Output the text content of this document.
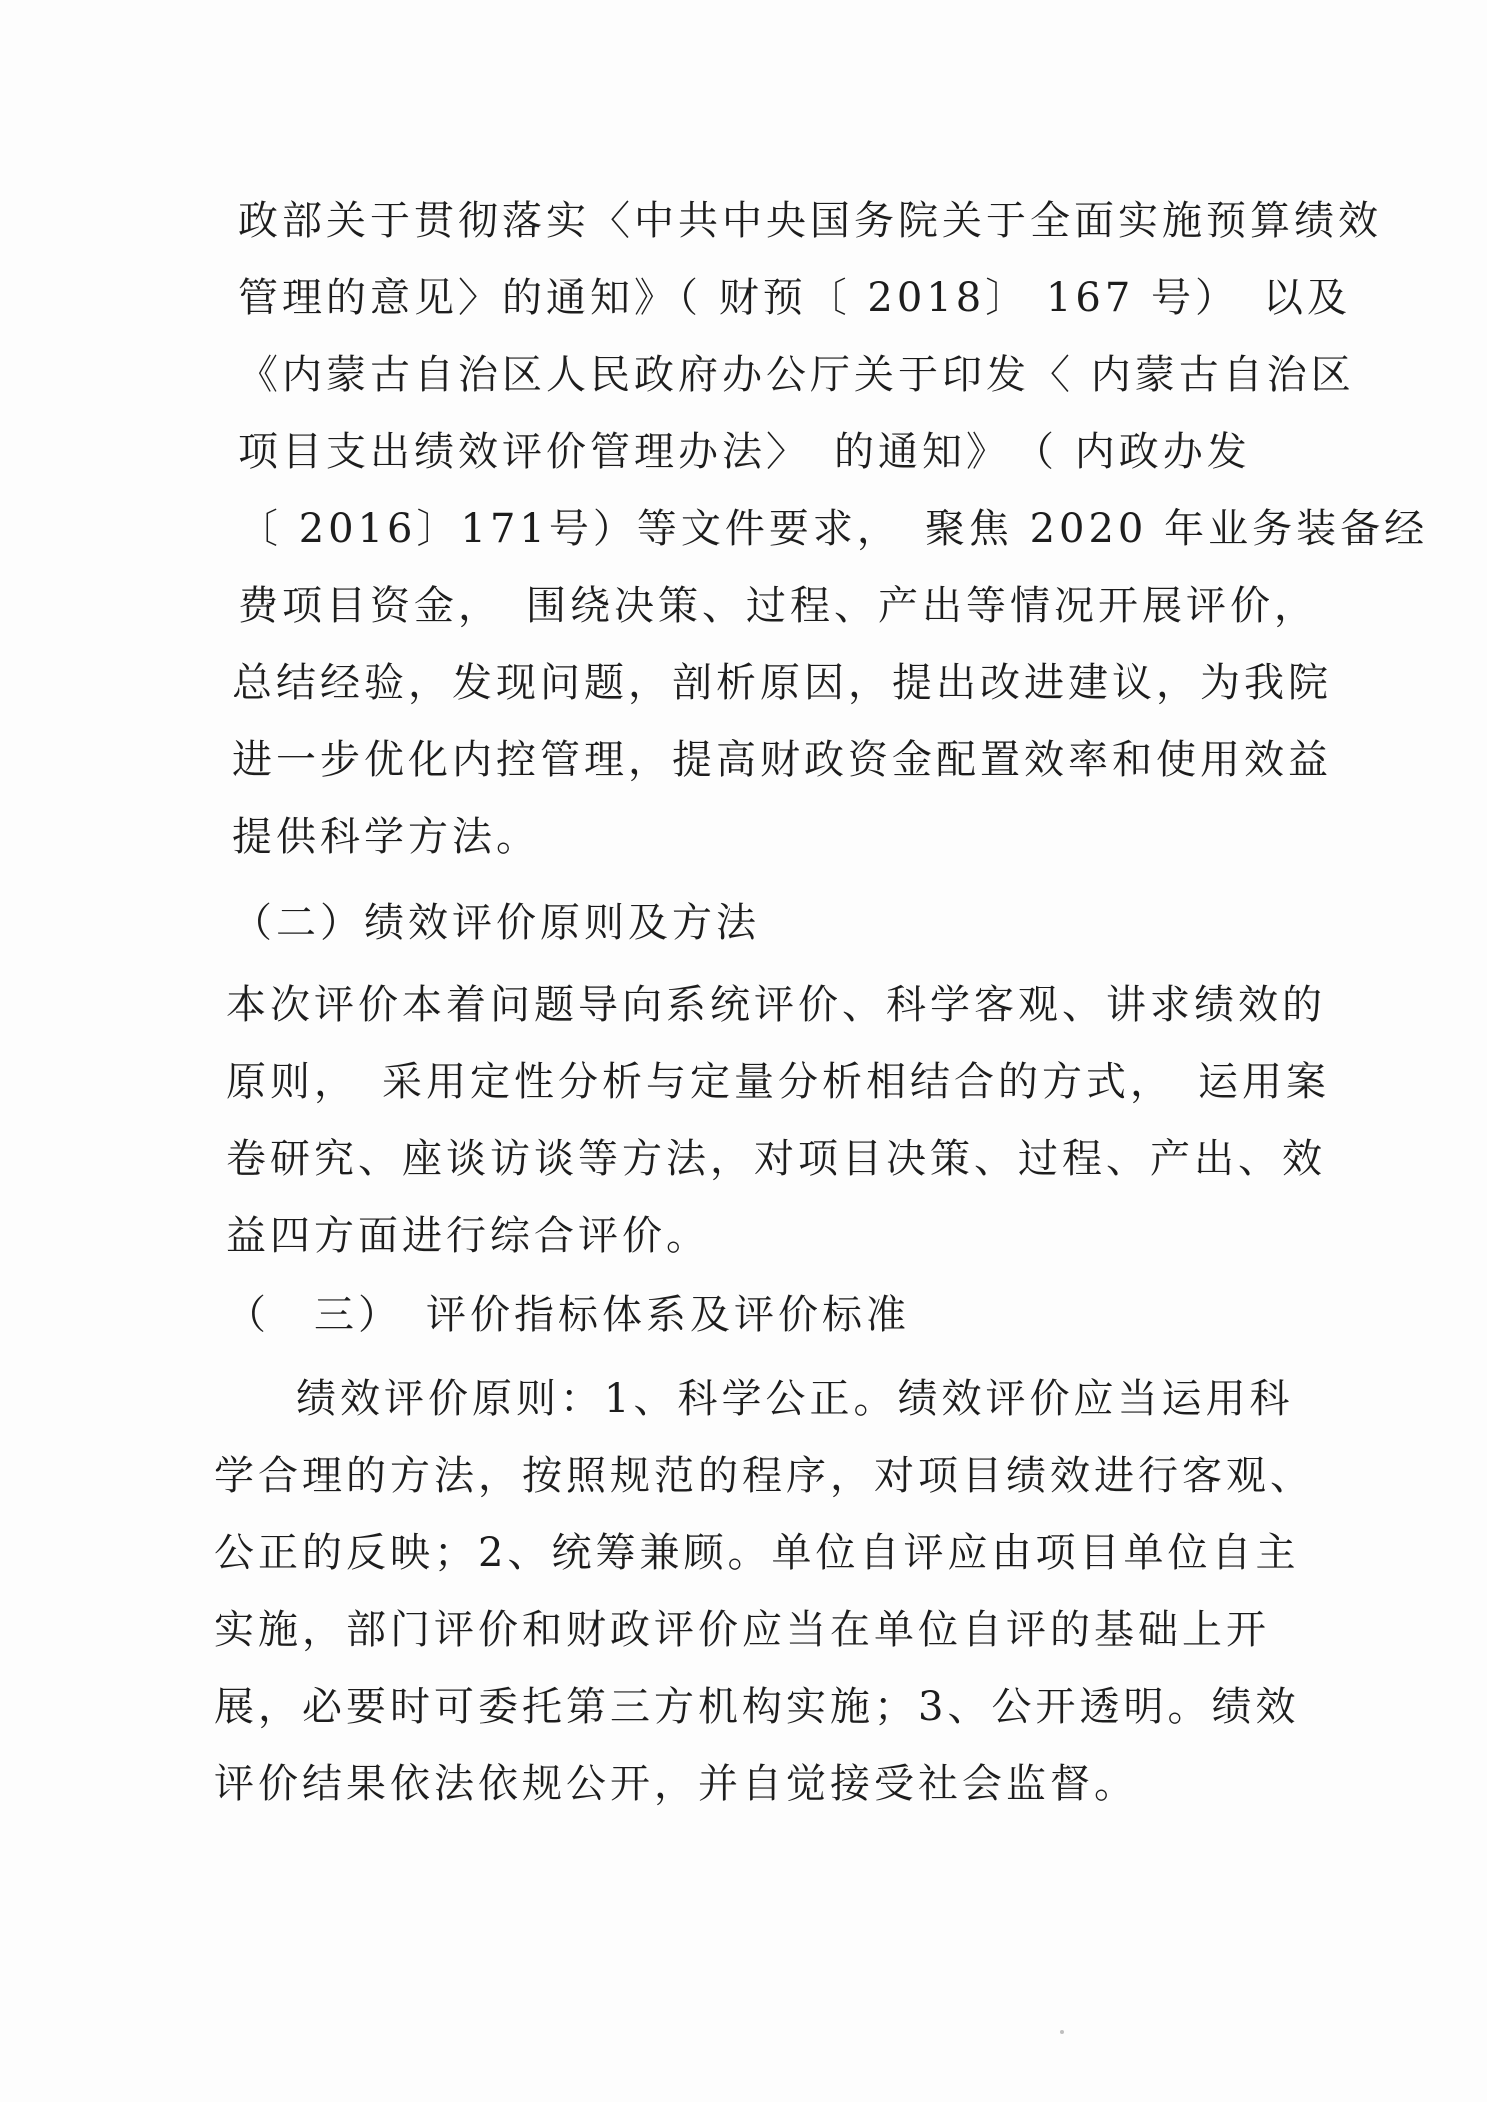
政部关于贯彻落实〈中共中央国务院关于全面实施预算绩效
管理的意见〉的通知》（ 财预〔 2018〕 167 号）　以及
《内蒙古自治区人民政府办公厅关于印发〈 内蒙古自治区
项目支出绩效评价管理办法〉　的通知》　（ 内政办发
〔 2016〕171号）等文件要求，　聚焦 2020 年业务装备经
费项目资金，　围绕决策、过程、产出等情况开展评价，
总结经验，发现问题，剖析原因，提出改进建议，为我院
进一步优化内控管理，提高财政资金配置效率和使用效益
提供科学方法。
（二）绩效评价原则及方法
本次评价本着问题导向系统评价、科学客观、讲求绩效的
原则，　采用定性分析与定量分析相结合的方式，　运用案
卷研究、座谈访谈等方法，对项目决策、过程、产出、效
益四方面进行综合评价。
（　三）　评价指标体系及评价标准
绩效评价原则：1、科学公正。绩效评价应当运用科
学合理的方法，按照规范的程序，对项目绩效进行客观、
公正的反映；2、统筹兼顾。单位自评应由项目单位自主
实施，部门评价和财政评价应当在单位自评的基础上开
展，必要时可委托第三方机构实施；3、公开透明。绩效
评价结果依法依规公开，并自觉接受社会监督。
